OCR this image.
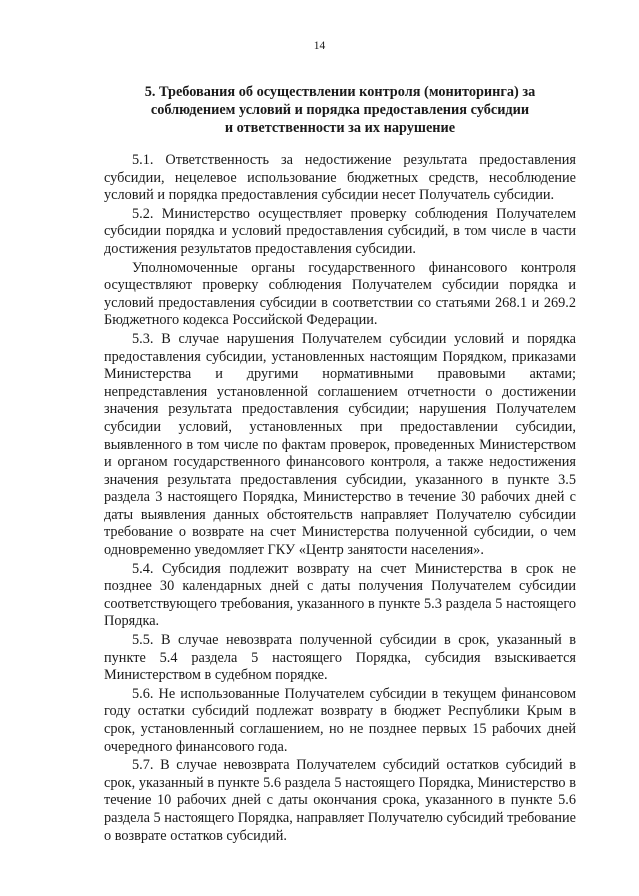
14
5. Требования об осуществлении контроля (мониторинга) за
соблюдением условий и порядка предоставления субсидии
и ответственности за их нарушение

5.1. Ответственность за недостижение результата предоставления субсидии, нецелевое использование бюджетных средств, несоблюдение условий и порядка предоставления субсидии несет Получатель субсидии.

5.2. Министерство осуществляет проверку соблюдения Получателем субсидии порядка и условий предоставления субсидий, в том числе в части достижения результатов предоставления субсидии.

Уполномоченные органы государственного финансового контроля осуществляют проверку соблюдения Получателем субсидии порядка и условий предоставления субсидии в соответствии со статьями 268.1 и 269.2 Бюджетного кодекса Российской Федерации.

5.3. В случае нарушения Получателем субсидии условий и порядка предоставления субсидии, установленных настоящим Порядком, приказами Министерства и другими нормативными правовыми актами; непредставления установленной соглашением отчетности о достижении значения результата предоставления субсидии; нарушения Получателем субсидии условий, установленных при предоставлении субсидии, выявленного в том числе по фактам проверок, проведенных Министерством и органом государственного финансового контроля, а также недостижения значения результата предоставления субсидии, указанного в пункте 3.5 раздела 3 настоящего Порядка, Министерство в течение 30 рабочих дней с даты выявления данных обстоятельств направляет Получателю субсидии требование о возврате на счет Министерства полученной субсидии, о чем одновременно уведомляет ГКУ «Центр занятости населения».

5.4. Субсидия подлежит возврату на счет Министерства в срок не позднее 30 календарных дней с даты получения Получателем субсидии соответствующего требования, указанного в пункте 5.3 раздела 5 настоящего Порядка.

5.5. В случае невозврата полученной субсидии в срок, указанный в пункте 5.4 раздела 5 настоящего Порядка, субсидия взыскивается Министерством в судебном порядке.

5.6. Не использованные Получателем субсидии в текущем финансовом году остатки субсидий подлежат возврату в бюджет Республики Крым в срок, установленный соглашением, но не позднее первых 15 рабочих дней очередного финансового года.

5.7. В случае невозврата Получателем субсидий остатков субсидий в срок, указанный в пункте 5.6 раздела 5 настоящего Порядка, Министерство в течение 10 рабочих дней с даты окончания срока, указанного в пункте 5.6 раздела 5 настоящего Порядка, направляет Получателю субсидий требование о возврате остатков субсидий.
